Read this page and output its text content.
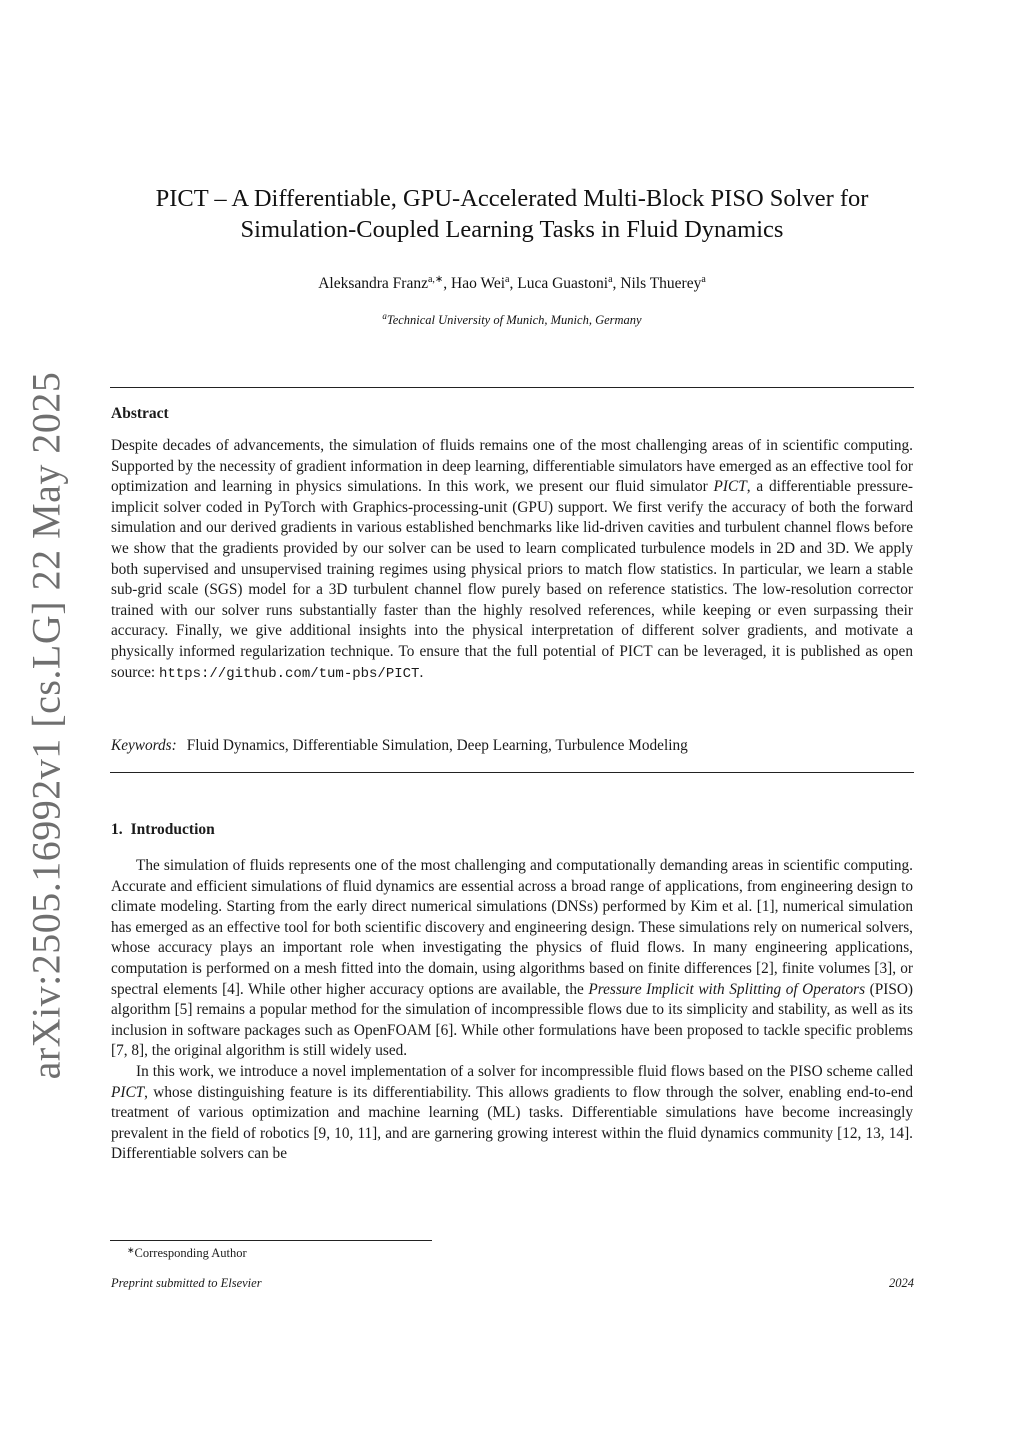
arXiv:2505.16992v1 [cs.LG] 22 May 2025
PICT – A Differentiable, GPU-Accelerated Multi-Block PISO Solver for
Simulation-Coupled Learning Tasks in Fluid Dynamics
Aleksandra Franz$^{a,∗}$, Hao Wei$^a$, Luca Guastoni$^a$, Nils Thuerey$^a$
$^a$Technical University of Munich, Munich, Germany
Abstract
Despite decades of advancements, the simulation of fluids remains one of the most challenging areas of in scientific computing. Supported by the necessity of gradient information in deep learning, differentiable simulators have emerged as an effective tool for optimization and learning in physics simulations. In this work, we present our fluid simulator PICT, a differentiable pressure-implicit solver coded in PyTorch with Graphics-processing-unit (GPU) support. We first verify the accuracy of both the forward simulation and our derived gradients in various established benchmarks like lid-driven cavities and turbulent channel flows before we show that the gradients provided by our solver can be used to learn complicated turbulence models in 2D and 3D. We apply both supervised and unsupervised training regimes using physical priors to match flow statistics. In particular, we learn a stable sub-grid scale (SGS) model for a 3D turbulent channel flow purely based on reference statistics. The low-resolution corrector trained with our solver runs substantially faster than the highly resolved references, while keeping or even surpassing their accuracy. Finally, we give additional insights into the physical interpretation of different solver gradients, and motivate a physically informed regularization technique. To ensure that the full potential of PICT can be leveraged, it is published as open source: https://github.com/tum-pbs/PICT.
Keywords: Fluid Dynamics, Differentiable Simulation, Deep Learning, Turbulence Modeling
1. Introduction

The simulation of fluids represents one of the most challenging and computationally demanding areas in scientific computing. Accurate and efficient simulations of fluid dynamics are essential across a broad range of applications, from engineering design to climate modeling. Starting from the early direct numerical simulations (DNSs) performed by Kim et al. [1], numerical simulation has emerged as an effective tool for both scientific discovery and engineering design. These simulations rely on numerical solvers, whose accuracy plays an important role when investigating the physics of fluid flows. In many engineering applications, computation is performed on a mesh fitted into the domain, using algorithms based on finite differences [2], finite volumes [3], or spectral elements [4]. While other higher accuracy options are available, the Pressure Implicit with Splitting of Operators (PISO) algorithm [5] remains a popular method for the simulation of incompressible flows due to its simplicity and stability, as well as its inclusion in software packages such as OpenFOAM [6]. While other formulations have been proposed to tackle specific problems [7, 8], the original algorithm is still widely used.

In this work, we introduce a novel implementation of a solver for incompressible fluid flows based on the PISO scheme called PICT, whose distinguishing feature is its differentiability. This allows gradients to flow through the solver, enabling end-to-end treatment of various optimization and machine learning (ML) tasks. Differentiable simulations have become increasingly prevalent in the field of robotics [9, 10, 11], and are garnering growing interest within the fluid dynamics community [12, 13, 14]. Differentiable solvers can be

∗Corresponding Author
Preprint submitted to Elsevier	2024
